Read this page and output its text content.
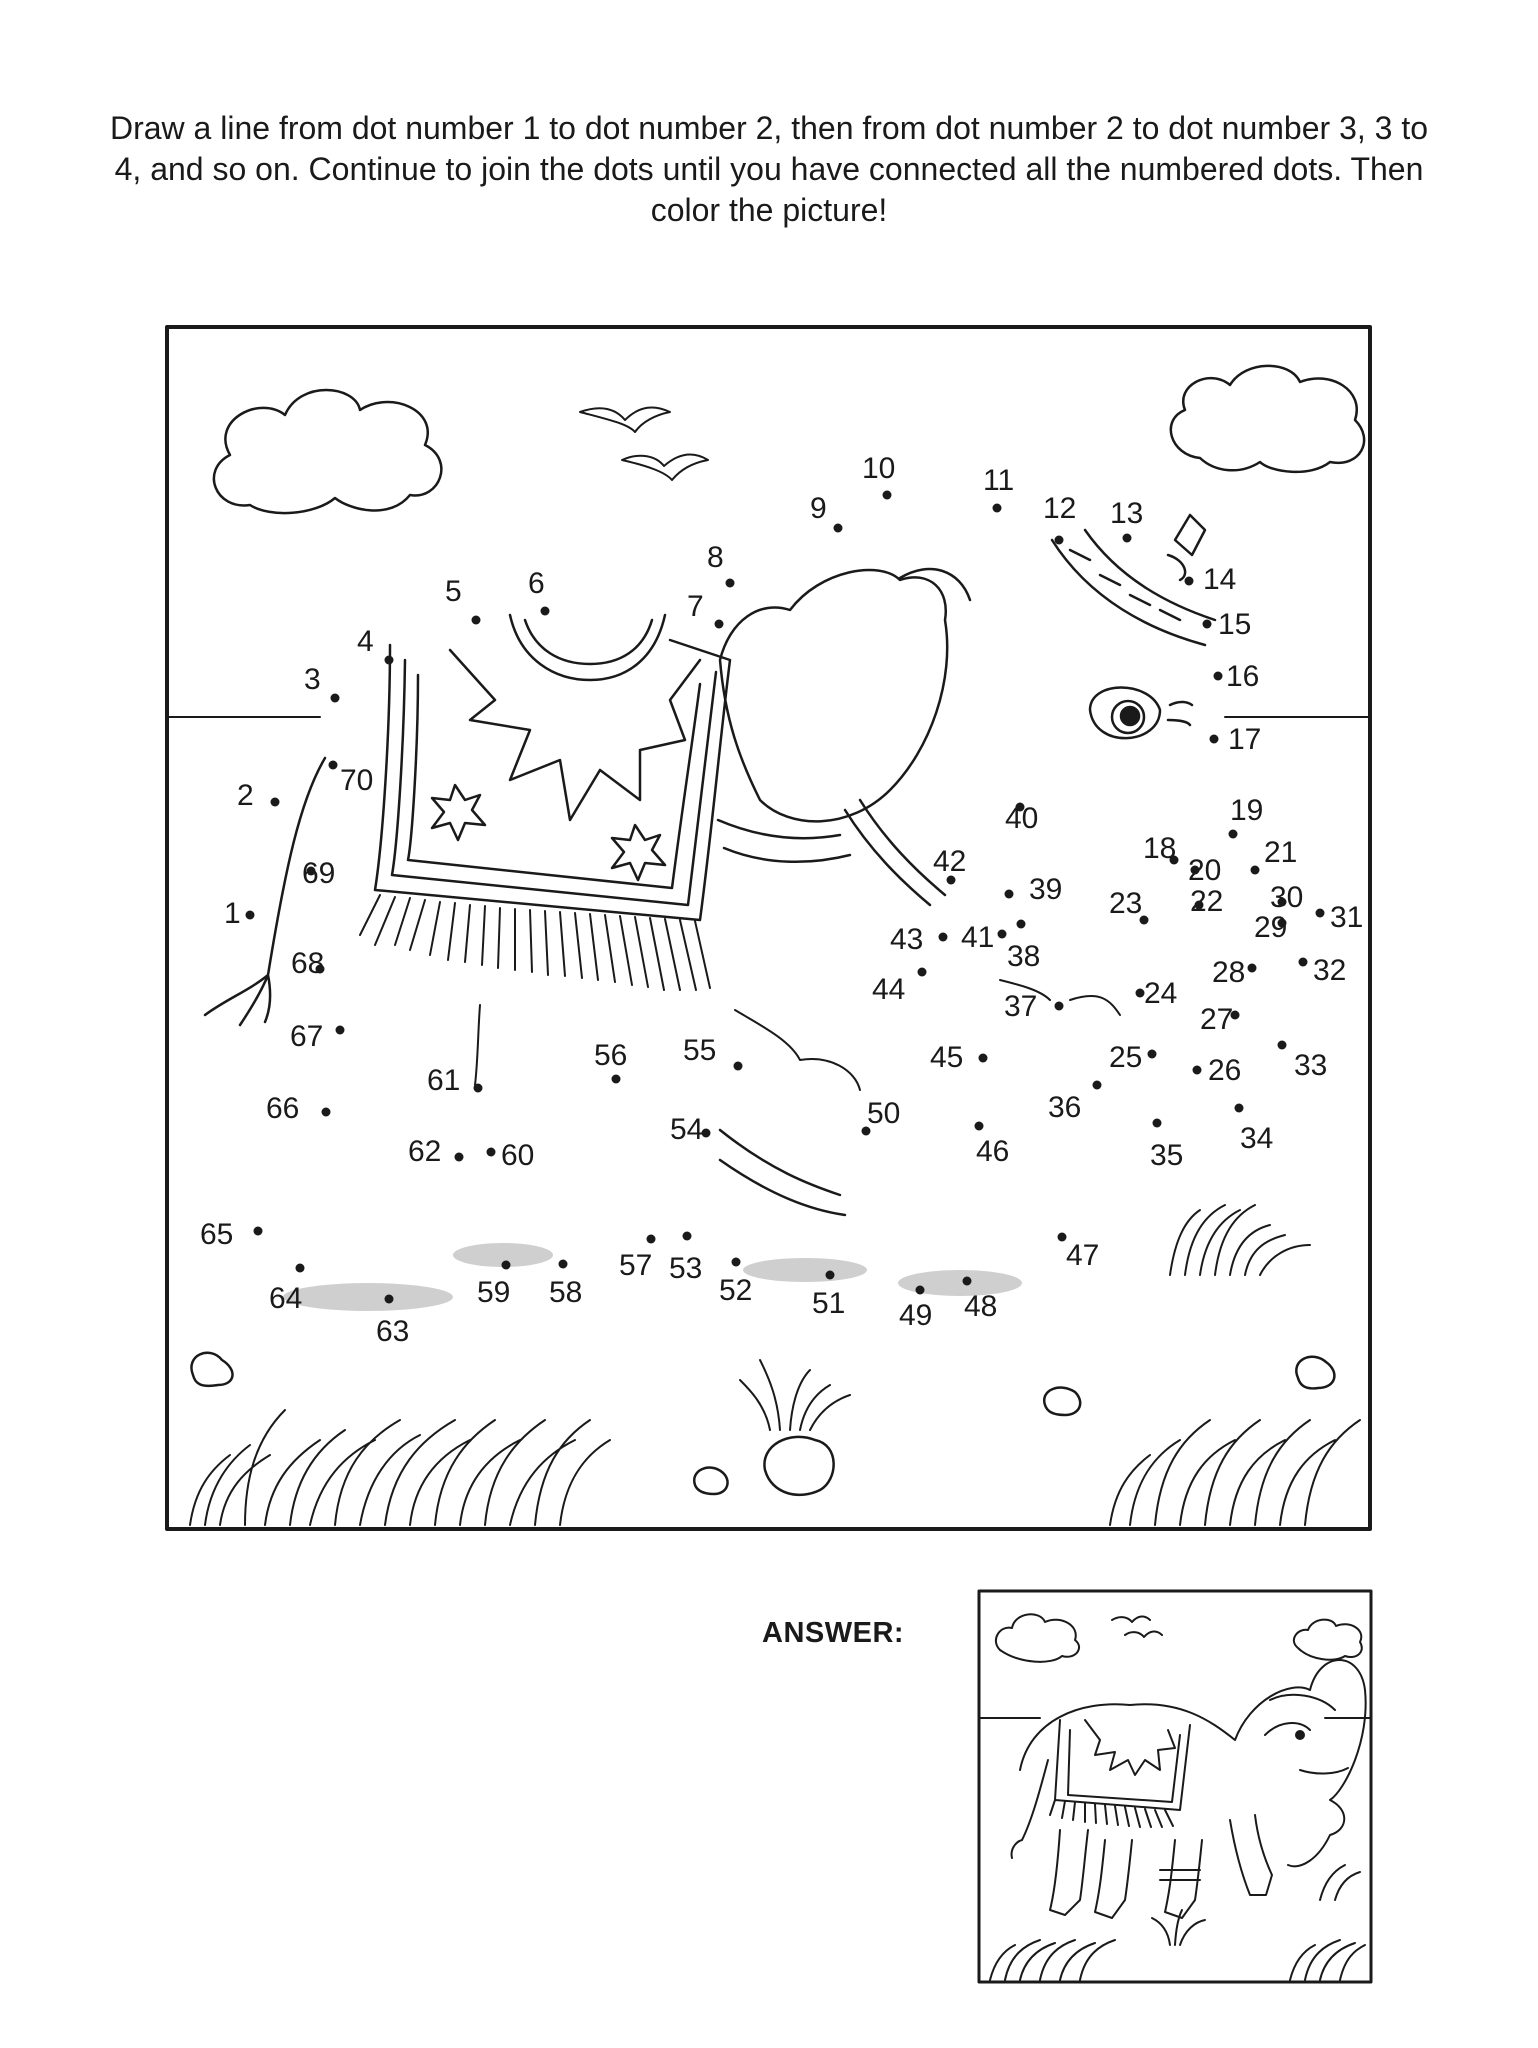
Draw a line from dot number 1 to dot number 2, then from dot number 2 to dot number 3, 3 to 4, and so on. Continue to join the dots until you have connected all the numbered dots. Then color the picture!
1
2
3
4
5 6
7
8
9
10	11
12 13
14
15
16
17
18
19
20
21
22
23
24
25 26
27
28
29
30
31
32
33
34
35
36
37
38
39
40
41
42
43
44
45
46
47
48
49
50
51
52
53
54
55
56
57
58
59
60
61
62
63
64
65
66
67
68
69
70
ANSWER:
